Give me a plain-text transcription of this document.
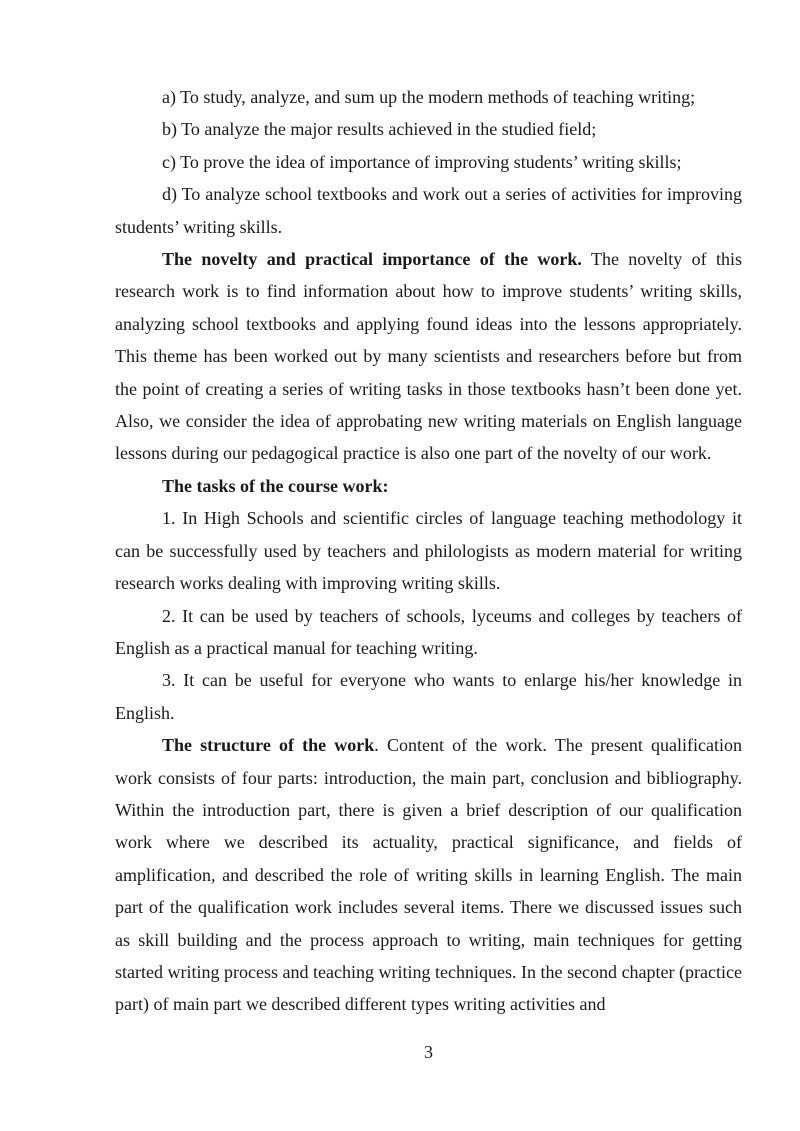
a) To study, analyze, and sum up the modern methods of teaching writing;

b) To analyze the major results achieved in the studied field;

c) To prove the idea of importance of improving students’ writing skills;

d) To analyze school textbooks and work out a series of activities for improving students’ writing skills.

The novelty and practical importance of the work. The novelty of this research work is to find information about how to improve students’ writing skills, analyzing school textbooks and applying found ideas into the lessons appropriately. This theme has been worked out by many scientists and researchers before but from the point of creating a series of writing tasks in those textbooks hasn’t been done yet. Also, we consider the idea of approbating new writing materials on English language lessons during our pedagogical practice is also one part of the novelty of our work.

The tasks of the course work:

1. In High Schools and scientific circles of language teaching methodology it can be successfully used by teachers and philologists as modern material for writing research works dealing with improving writing skills.

2. It can be used by teachers of schools, lyceums and colleges by teachers of English as a practical manual for teaching writing.

3. It can be useful for everyone who wants to enlarge his/her knowledge in English.

The structure of the work. Content of the work. The present qualification work consists of four parts: introduction, the main part, conclusion and bibliography. Within the introduction part, there is given a brief description of our qualification work where we described its actuality, practical significance, and fields of amplification, and described the role of writing skills in learning English. The main part of the qualification work includes several items. There we discussed issues such as skill building and the process approach to writing, main techniques for getting started writing process and teaching writing techniques. In the second chapter (practice part) of main part we described different types writing activities and

3
